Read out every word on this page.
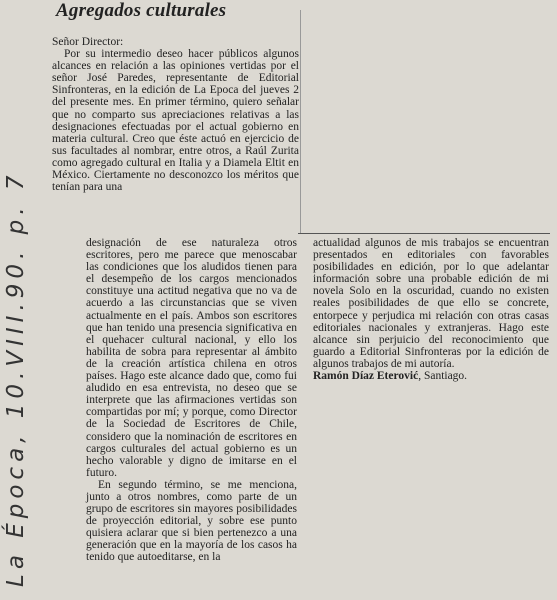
Agregados culturales

Señor Director:

Por su intermedio deseo hacer públicos algunos alcances en relación a las opiniones vertidas por el señor José Paredes, representante de Editorial Sinfronteras, en la edición de La Epoca del jueves 2 del presente mes. En primer término, quiero señalar que no comparto sus apreciaciones relativas a las designaciones efectuadas por el actual gobierno en materia cultural. Creo que éste actuó en ejercicio de sus facultades al nombrar, entre otros, a Raúl Zurita como agregado cultural en Italia y a Diamela Eltit en México. Ciertamente no desconozco los méritos que tenían para una

designación de ese naturaleza otros escritores, pero me parece que menoscabar las condiciones que los aludidos tienen para el desempeño de los cargos mencionados constituye una actitud negativa que no va de acuerdo a las circunstancias que se viven actualmente en el país. Ambos son escritores que han tenido una presencia significativa en el quehacer cultural nacional, y ello los habilita de sobra para representar al ámbito de la creación artística chilena en otros países. Hago este alcance dado que, como fui aludido en esa entrevista, no deseo que se interprete que las afirmaciones vertidas son compartidas por mí; y porque, como Director de la Sociedad de Escritores de Chile, considero que la nominación de escritores en cargos culturales del actual gobierno es un hecho valorable y digno de imitarse en el futuro.

En segundo término, se me menciona, junto a otros nombres, como parte de un grupo de escritores sin mayores posibilidades de proyección editorial, y sobre ese punto quisiera aclarar que si bien pertenezco a una generación que en la mayoría de los casos ha tenido que autoeditarse, en la

actualidad algunos de mis trabajos se encuentran presentados en editoriales con favorables posibilidades en edición, por lo que adelantar información sobre una probable edición de mi novela Solo en la oscuridad, cuando no existen reales posibilidades de que ello se concrete, entorpece y perjudica mi relación con otras casas editoriales nacionales y extranjeras. Hago este alcance sin perjuicio del reconocimiento que guardo a Editorial Sinfronteras por la edición de algunos trabajos de mi autoría.

Ramón Díaz Eterović, Santiago.

La Época, 10.VIII.90. p. 7
